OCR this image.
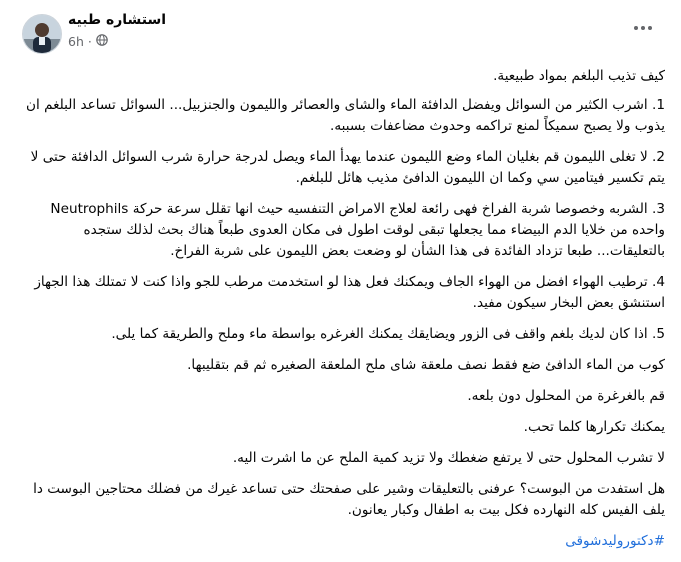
استشاره طبيه
6h ·

كيف تذيب البلغم بمواد طبيعية.

1. اشرب الكثير من السوائل ويفضل الدافئة الماء والشاى والعصائر والليمون والجنزبيل... السوائل تساعد البلغم ان يذوب ولا يصبح سميكاً لمنع تراكمه وحدوث مضاعفات بسببه.

2. لا تغلى الليمون قم بغليان الماء وضع الليمون عندما يهدأ الماء ويصل لدرجة حرارة شرب السوائل الدافئة حتى لا يتم تكسير فيتامين سي وكما ان الليمون الدافئ مذيب هائل للبلغم.

3. الشربه وخصوصا شربة الفراخ فهى رائعة لعلاج الامراض التنفسيه حيث انها تقلل سرعة حركة Neutrophils واحده من خلايا الدم البيضاء مما يجعلها تبقى لوقت اطول فى مكان العدوى طبعاً هناك بحث لذلك ستجده بالتعليقات... طبعا تزداد الفائدة فى هذا الشأن لو وضعت بعض الليمون على شربة الفراخ.

4. ترطيب الهواء افضل من الهواء الجاف ويمكنك فعل هذا لو استخدمت مرطب للجو واذا كنت لا تمتلك هذا الجهاز استنشق بعض البخار سيكون مفيد.

5. اذا كان لديك بلغم واقف فى الزور ويضايقك يمكنك الغرغره بواسطة ماء وملح والطريقة كما يلى.

كوب من الماء الدافئ ضع فقط نصف ملعقة شاى ملح الملعقة الصغيره ثم قم بتقليبها.

قم بالغرغرة من المحلول دون بلعه.

يمكنك تكرارها كلما تحب.

لا تشرب المحلول حتى لا يرتفع ضغطك ولا تزيد كمية الملح عن ما اشرت اليه.

هل استفدت من البوست؟ عرفنى بالتعليقات وشير على صفحتك حتى تساعد غيرك من فضلك محتاجين البوست دا يلف الفيس كله النهارده فكل بيت به اطفال وكبار يعانون.

#دكتوروليدشوقى
